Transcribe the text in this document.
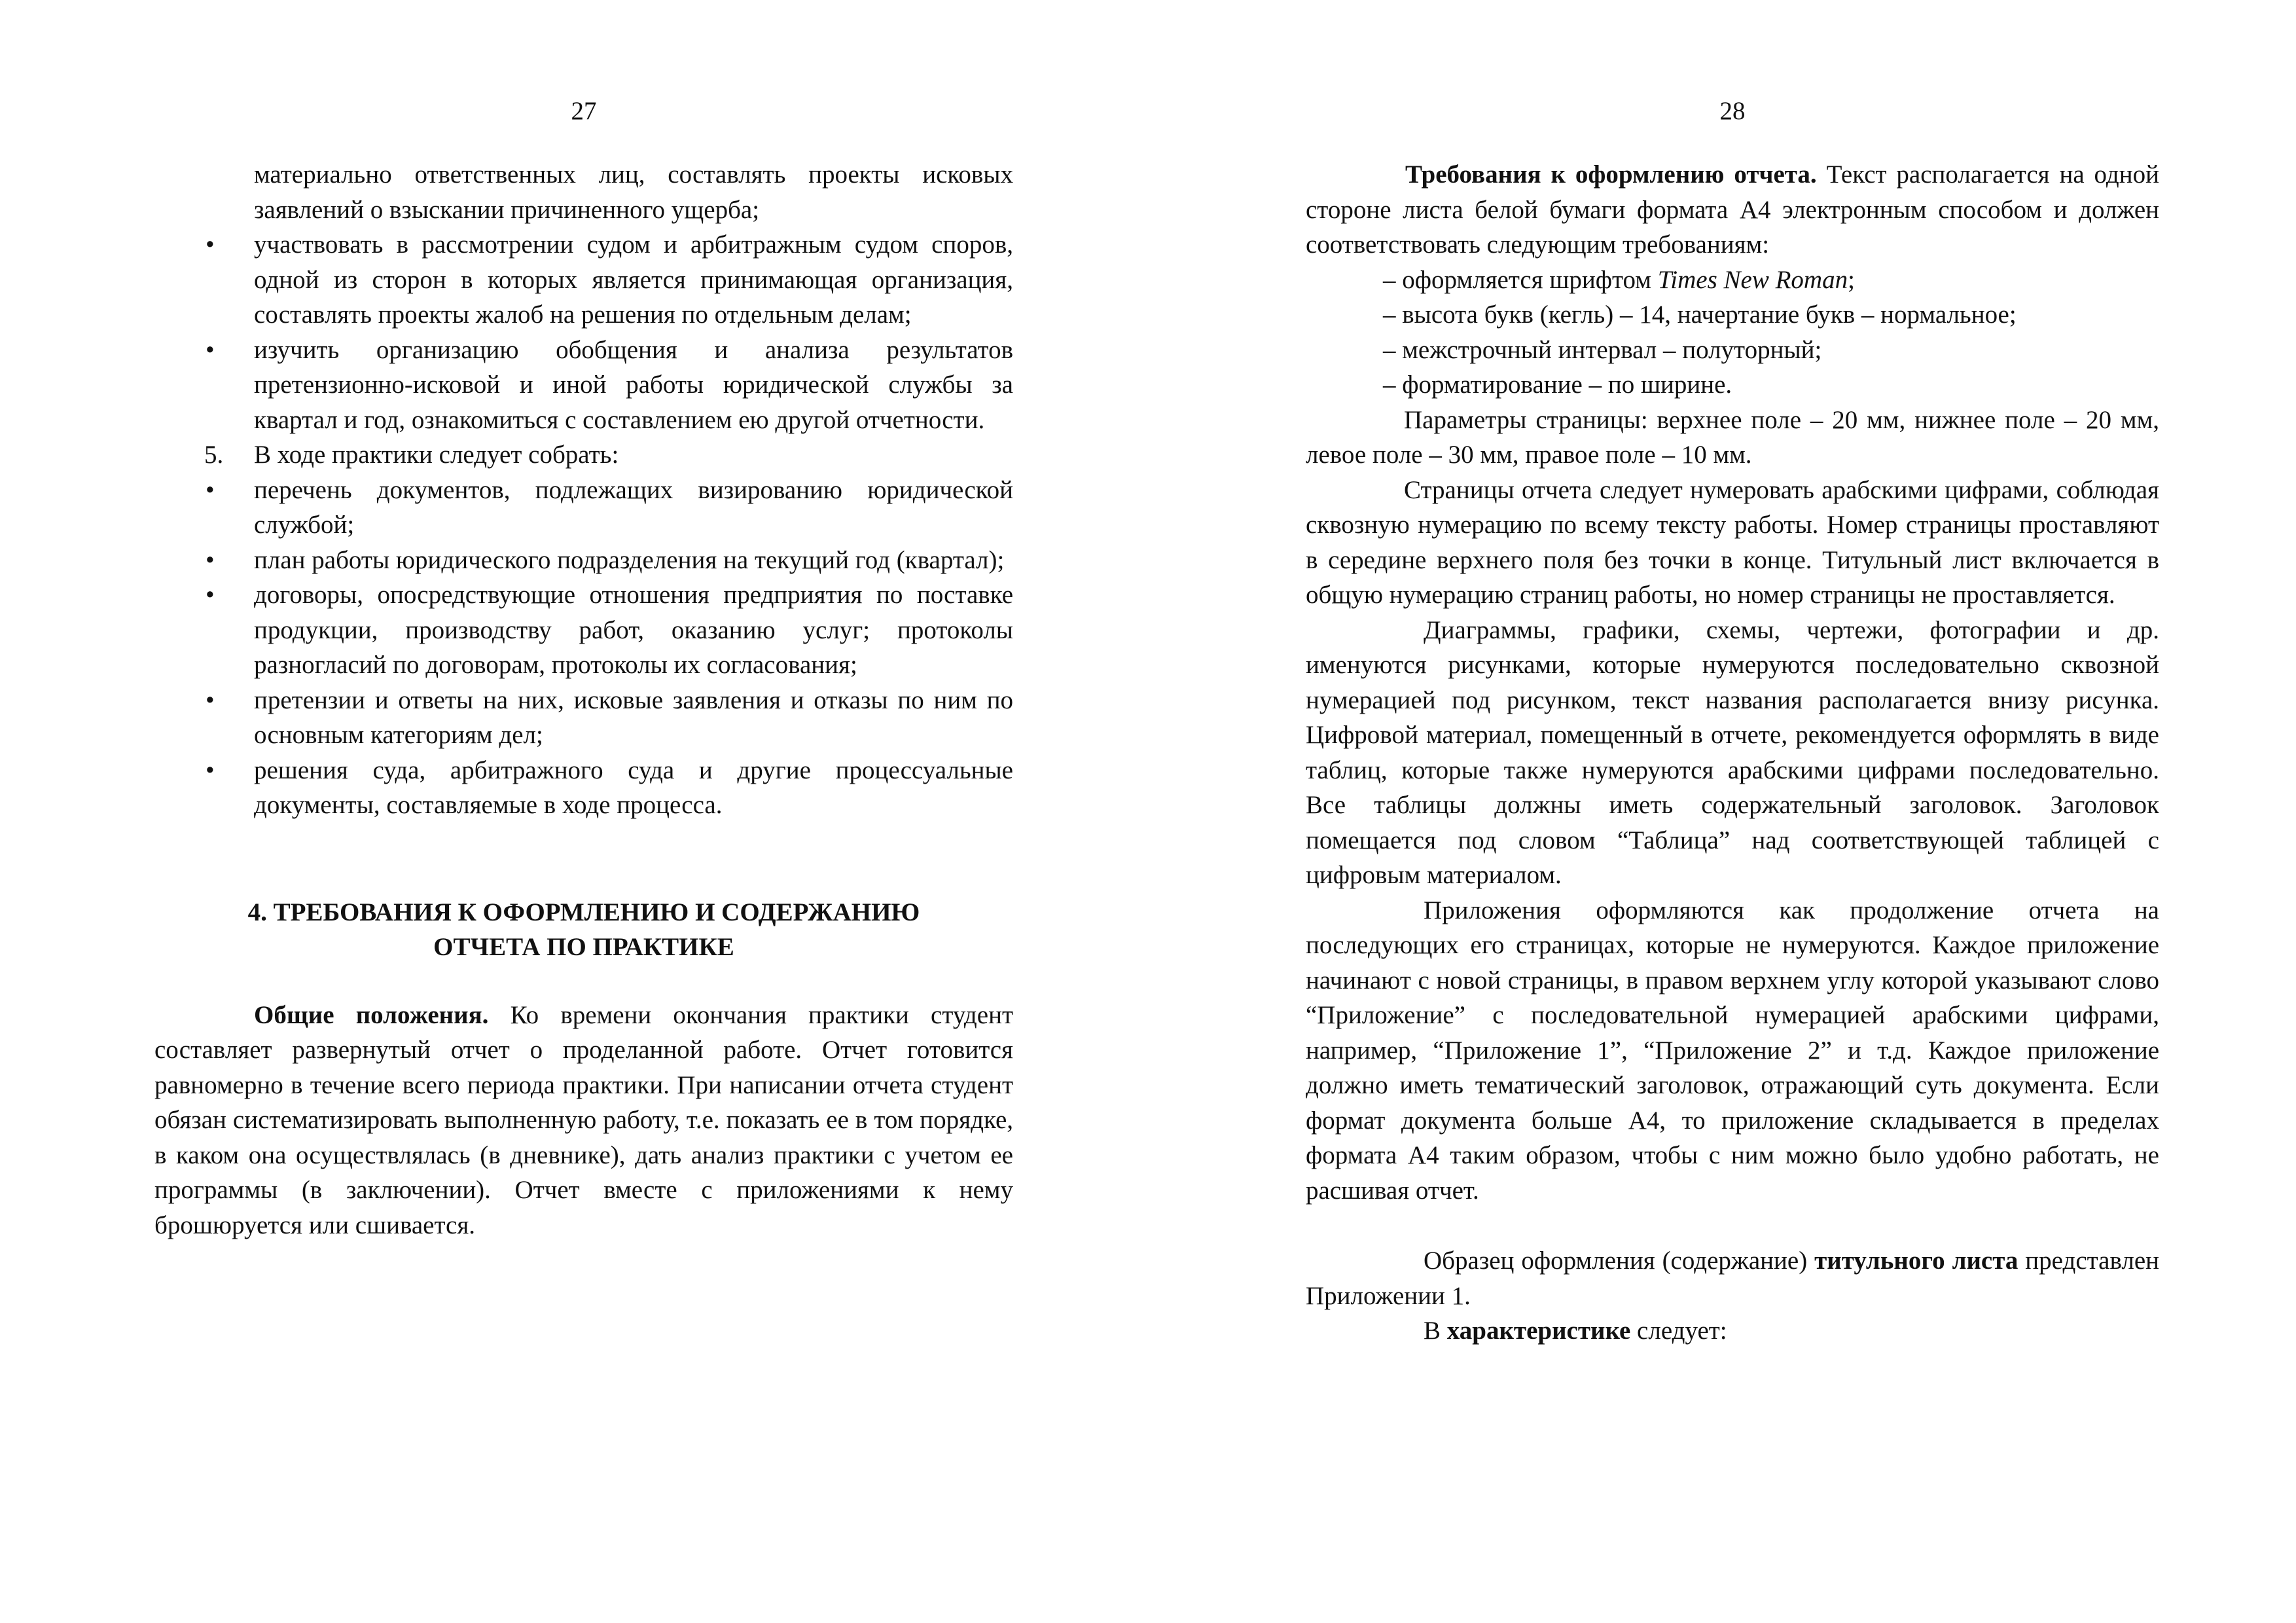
27
материально ответственных лиц, составлять проекты исковых заявлений о взыскании причиненного ущерба;
•	участвовать в рассмотрении судом и арбитражным судом споров, одной из сторон в которых является принимающая организация, составлять проекты жалоб на решения по отдельным делам;
•	изучить организацию обобщения и анализа результатов претензионно-исковой и иной работы юридической службы за квартал и год, ознакомиться с составлением ею другой отчетности.
5. В ходе практики следует собрать:
•	перечень документов, подлежащих визированию юридической службой;
•	план работы юридического подразделения на текущий год (квартал);
•	договоры, опосредствующие отношения предприятия по поставке продукции, производству работ, оказанию услуг; протоколы разногласий по договорам, протоколы их согласования;
•	претензии и ответы на них, исковые заявления и отказы по ним по основным категориям дел;
•	решения суда, арбитражного суда и другие процессуальные документы, составляемые в ходе процесса.
4. ТРЕБОВАНИЯ К ОФОРМЛЕНИЮ И СОДЕРЖАНИЮ
ОТЧЕТА ПО ПРАКТИКЕ

Общие положения. Ко времени окончания практики студент составляет развернутый отчет о проделанной работе. Отчет готовится равномерно в течение всего периода практики. При написании отчета студент обязан систематизировать выполненную работу, т.е. показать ее в том порядке, в каком она осуществлялась (в дневнике), дать анализ практики с учетом ее программы (в заключении). Отчет вместе с приложениями к нему брошюруется или сшивается.

28

Требования к оформлению отчета. Текст располагается на одной стороне листа белой бумаги формата А4 электронным способом и должен соответствовать следующим требованиям:

– оформляется шрифтом Times New Roman;

– высота букв (кегль) – 14, начертание букв – нормальное;

– межстрочный интервал – полуторный;

– форматирование – по ширине.

Параметры страницы: верхнее поле – 20 мм, нижнее поле – 20 мм, левое поле – 30 мм, правое поле – 10 мм.

Страницы отчета следует нумеровать арабскими цифрами, соблюдая сквозную нумерацию по всему тексту работы. Номер страницы проставляют в середине верхнего поля без точки в конце. Титульный лист включается в общую нумерацию страниц работы, но номер страницы не проставляется.

Диаграммы, графики, схемы, чертежи, фотографии и др. именуются рисунками, которые нумеруются последовательно сквозной нумерацией под рисунком, текст названия располагается внизу рисунка. Цифровой материал, помещенный в отчете, рекомендуется оформлять в виде таблиц, которые также нумеруются арабскими цифрами последовательно. Все таблицы должны иметь содержательный заголовок. Заголовок помещается под словом “Таблица” над соответствующей таблицей с цифровым материалом.

Приложения оформляются как продолжение отчета на последующих его страницах, которые не нумеруются. Каждое приложение начинают с новой страницы, в правом верхнем углу которой указывают слово “Приложение” с последовательной нумерацией арабскими цифрами, например, “Приложение 1”, “Приложение 2” и т.д. Каждое приложение должно иметь тематический заголовок, отражающий суть документа. Если формат документа больше А4, то приложение складывается в пределах формата А4 таким образом, чтобы с ним можно было удобно работать, не расшивая отчет.

Образец оформления (содержание) титульного листа представлен Приложении 1.

В характеристике следует:
